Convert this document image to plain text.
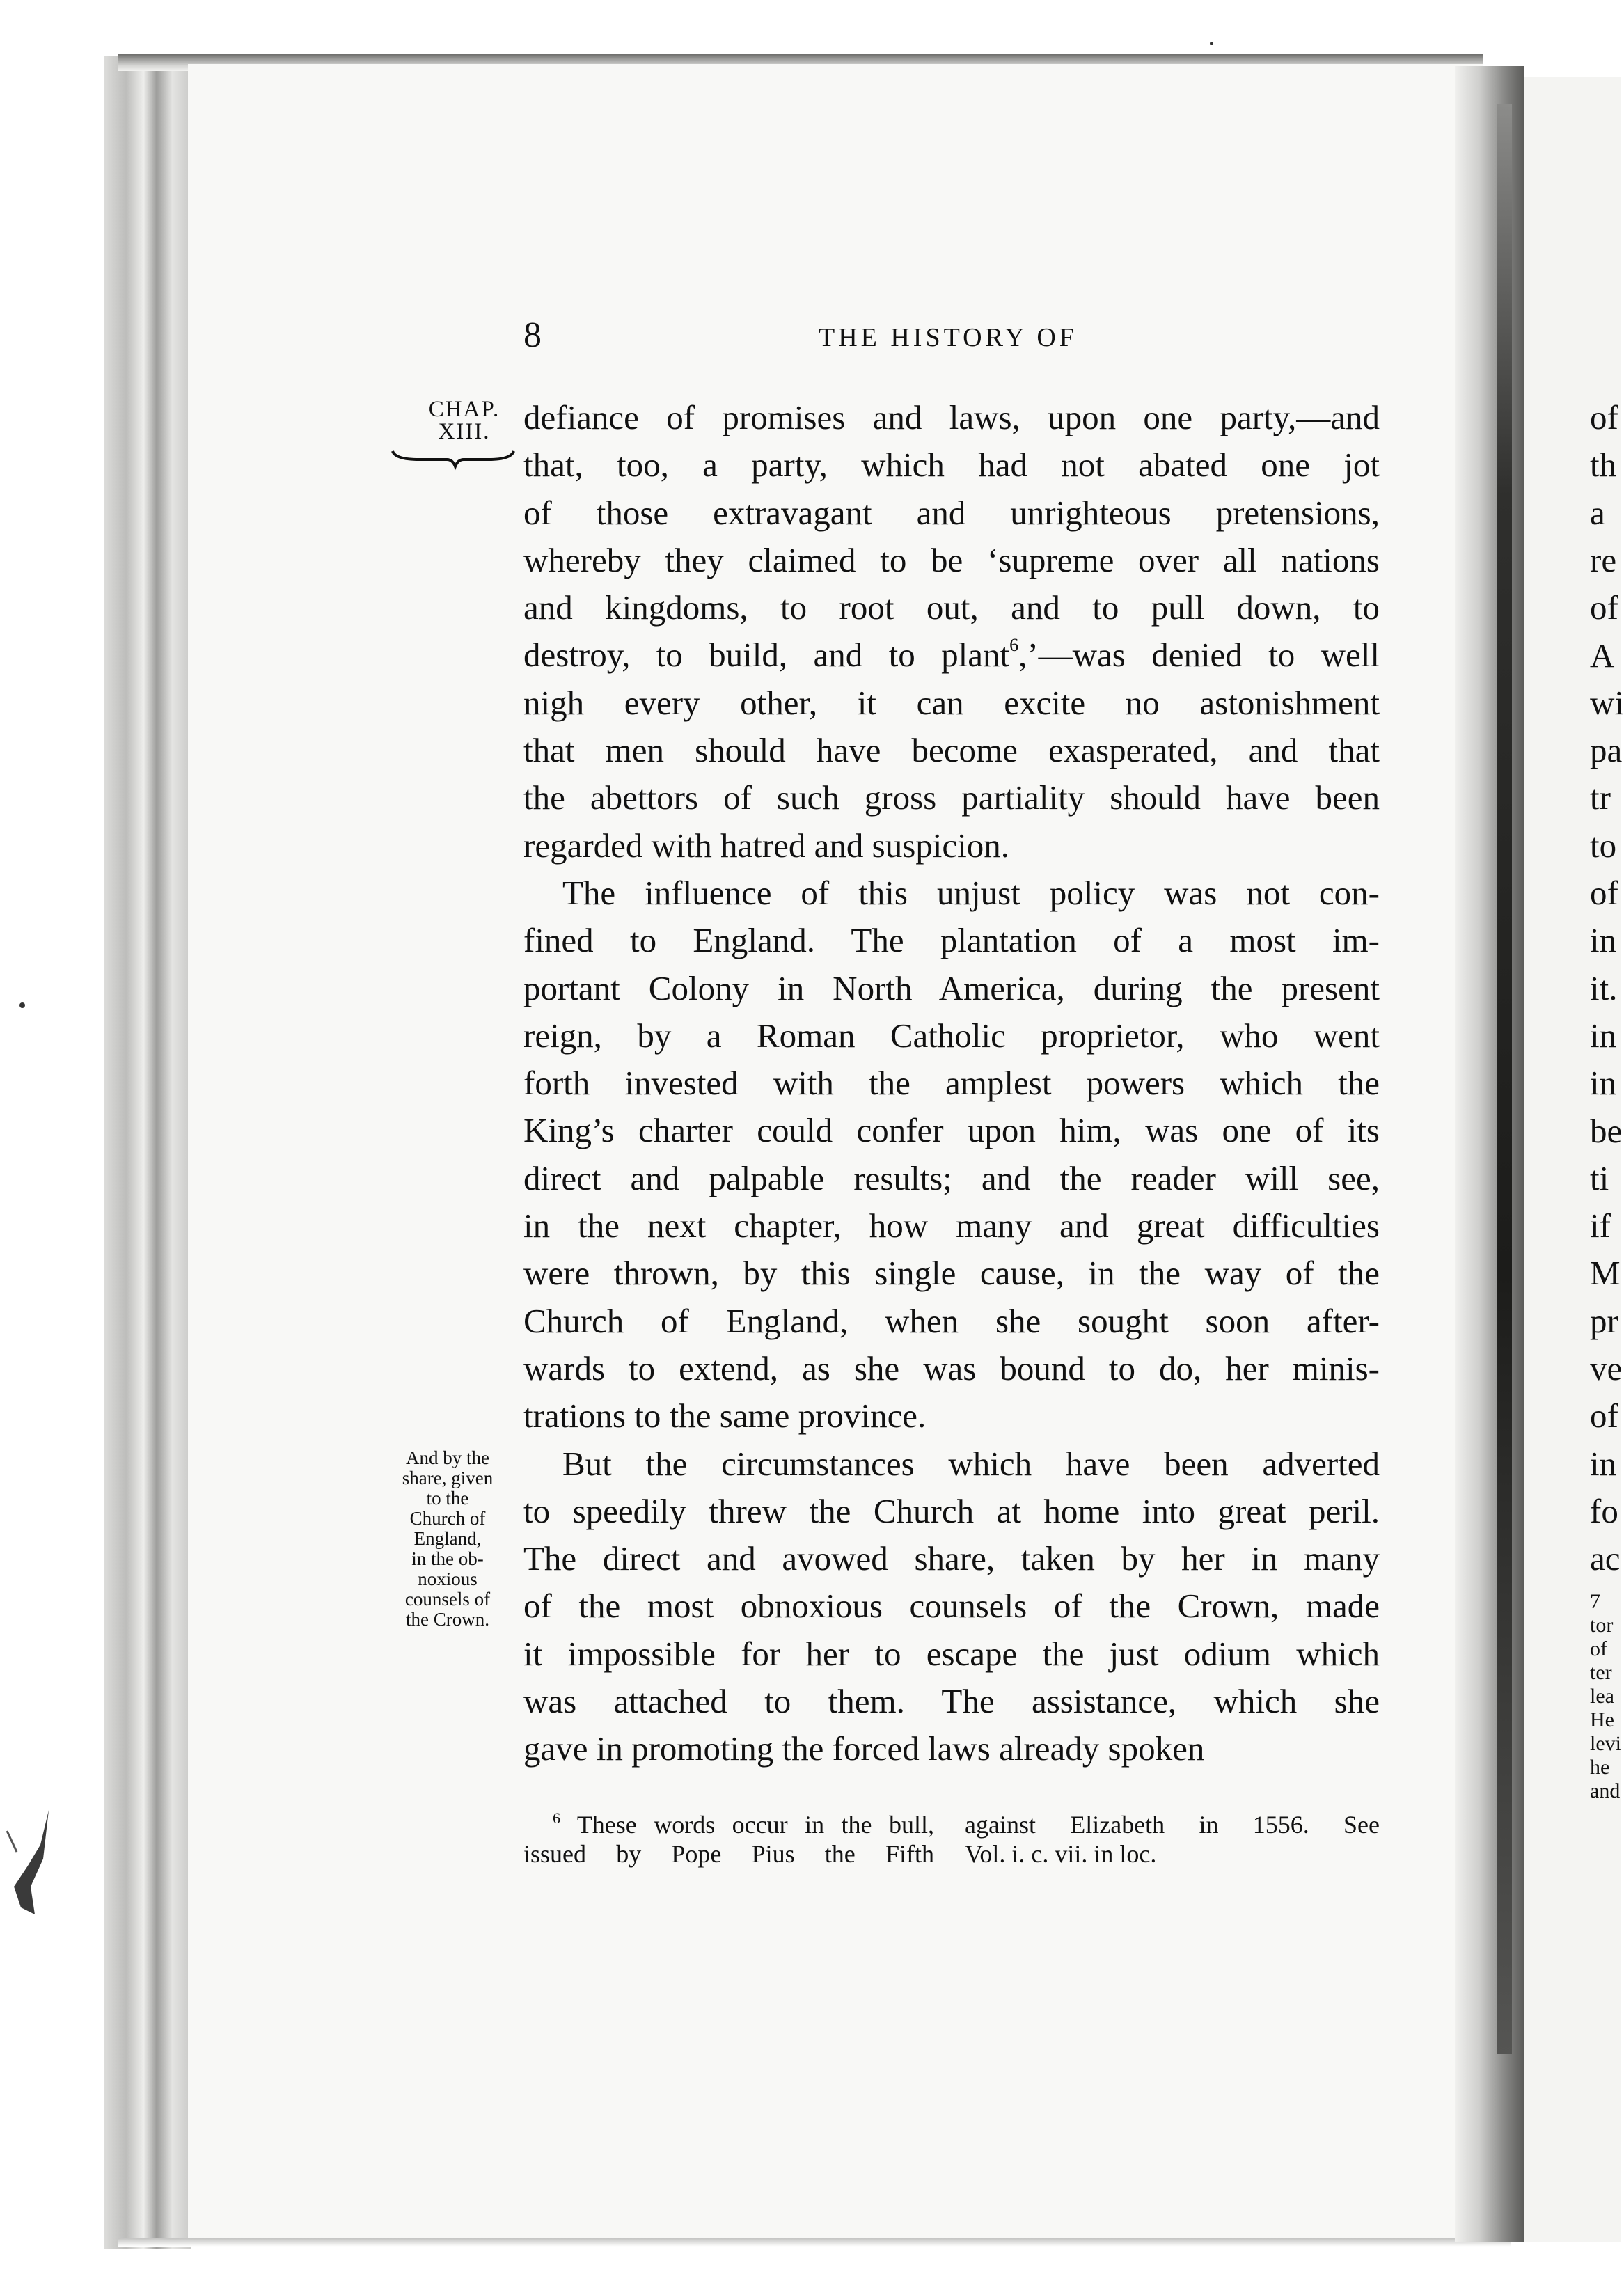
of
th
a
re
of
A
wi
pa
tr
to
of
in
it.
in
in
be
ti
if
M
pr
ve
of
in
fo
ac
7
tor
of
ter
lea
He
levi
he
and

8	THE HISTORY OF

CHAP.
XIII. defiance of promises and laws, upon one party,—and
that, too, a party, which had not abated one jot
of those extravagant and unrighteous pretensions,
whereby they claimed to be ‘supreme over all nations
and kingdoms, to root out, and to pull down, to
destroy, to build, and to plant$^6$,’—was denied to well
nigh every other, it can excite no astonishment
that men should have become exasperated, and that
the abettors of such gross partiality should have been
regarded with hatred and suspicion.
The influence of this unjust policy was not con-
fined to England. The plantation of a most im-
portant Colony in North America, during the present
reign, by a Roman Catholic proprietor, who went
forth invested with the amplest powers which the
King’s charter could confer upon him, was one of its
direct and palpable results; and the reader will see,
in the next chapter, how many and great difficulties
were thrown, by this single cause, in the way of the
Church of England, when she sought soon after-
wards to extend, as she was bound to do, her minis-
trations to the same province.
But the circumstances which have been adverted
to speedily threw the Church at home into great peril.
The direct and avowed share, taken by her in many
of the most obnoxious counsels of the Crown, made
it impossible for her to escape the just odium which
was attached to them. The assistance, which she
gave in promoting the forced laws already spoken
And by the
share, given
to the
Church of
England,
in the ob-
noxious
counsels of
the Crown.
$^6$ These words occur in the bull,
issued by Pope Pius the Fifth
against Elizabeth in 1556. See
Vol. i. c. vii. in loc.
